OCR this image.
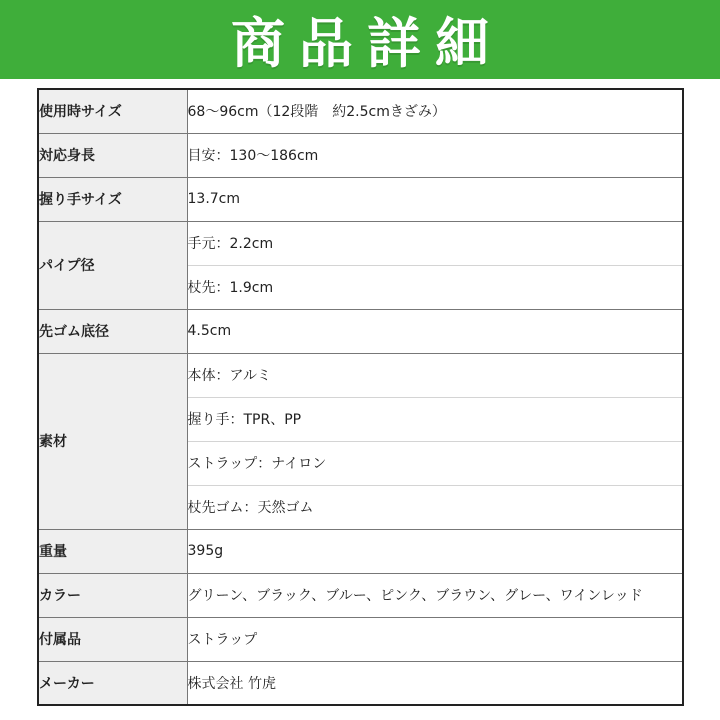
商品詳細
使用時サイズ	68〜96cm（12段階　約2.5cmきざみ）
対応身長	目安：130〜186cm
握り手サイズ	13.7cm
パイプ径	手元：2.2cm
	杖先：1.9cm
先ゴム底径	4.5cm
素材	本体：アルミ
	握り手：TPR、PP
	ストラップ：ナイロン
	杖先ゴム：天然ゴム
重量	395g
カラー	グリーン、ブラック、ブルー、ピンク、ブラウン、グレー、ワインレッド
付属品	ストラップ
メーカー	株式会社 竹虎
